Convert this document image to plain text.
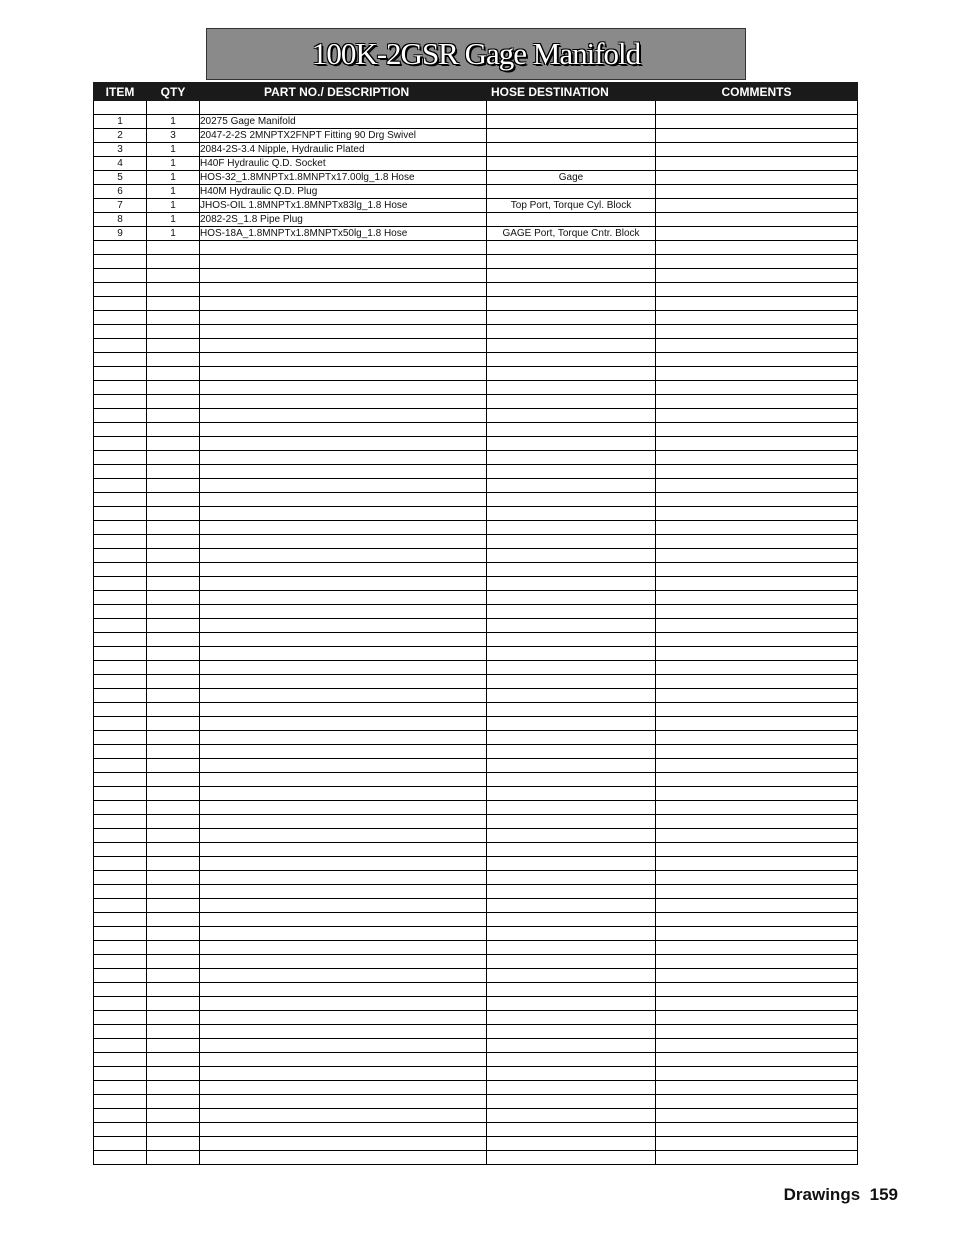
100K-2GSR Gage Manifold
ITEM	QTY	PART NO./ DESCRIPTION	HOSE DESTINATION	COMMENTS

1	1	20275 Gage Manifold		
2	3	2047-2-2S 2MNPTX2FNPT Fitting 90 Drg Swivel		
3	1	2084-2S-3.4 Nipple, Hydraulic Plated		
4	1	H40F Hydraulic Q.D. Socket		
5	1	HOS-32_1.8MNPTx1.8MNPTx17.00lg_1.8 Hose	Gage	
6	1	H40M Hydraulic Q.D. Plug		
7	1	JHOS-OIL 1.8MNPTx1.8MNPTx83lg_1.8 Hose	Top Port, Torque Cyl. Block	
8	1	2082-2S_1.8 Pipe Plug		
9	1	HOS-18A_1.8MNPTx1.8MNPTx50lg_1.8 Hose	GAGE Port, Torque Cntr. Block	

Drawings 159
